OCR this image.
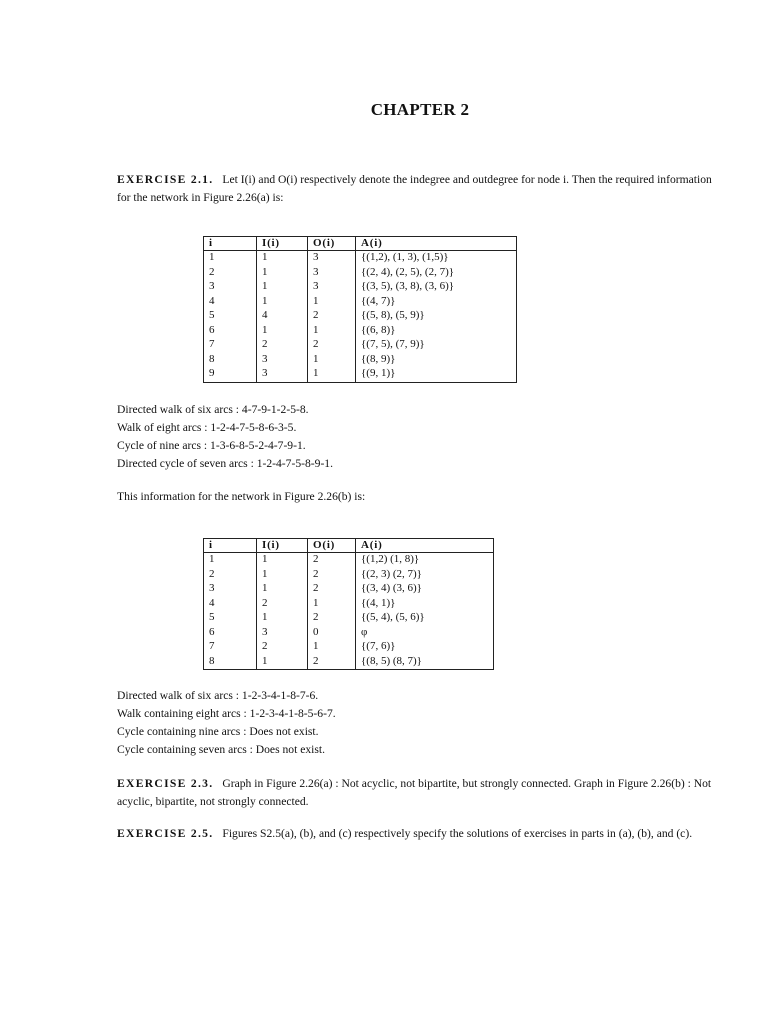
CHAPTER 2
EXERCISE 2.1. Let I(i) and O(i) respectively denote the indegree and outdegree for node i. Then the required information for the network in Figure 2.26(a) is:
i	I(i)	O(i)	A(i)
1	1	3	{(1,2), (1, 3), (1,5)}
2	1	3	{(2, 4), (2, 5), (2, 7)}
3	1	3	{(3, 5), (3, 8), (3, 6)}
4	1	1	{(4, 7)}
5	4	2	{(5, 8), (5, 9)}
6	1	1	{(6, 8)}
7	2	2	{(7, 5), (7, 9)}
8	3	1	{(8, 9)}
9	3	1	{(9, 1)}
Directed walk of six arcs : 4-7-9-1-2-5-8.
Walk of eight arcs : 1-2-4-7-5-8-6-3-5.
Cycle of nine arcs : 1-3-6-8-5-2-4-7-9-1.
Directed cycle of seven arcs : 1-2-4-7-5-8-9-1.
This information for the network in Figure 2.26(b) is:
i	I(i)	O(i)	A(i)
1	1	2	{(1,2) (1, 8)}
2	1	2	{(2, 3) (2, 7)}
3	1	2	{(3, 4) (3, 6)}
4	2	1	{(4, 1)}
5	1	2	{(5, 4), (5, 6)}
6	3	0	φ
7	2	1	{(7, 6)}
8	1	2	{(8, 5) (8, 7)}
Directed walk of six arcs : 1-2-3-4-1-8-7-6.
Walk containing eight arcs : 1-2-3-4-1-8-5-6-7.
Cycle containing nine arcs : Does not exist.
Cycle containing seven arcs : Does not exist.
EXERCISE 2.3. Graph in Figure 2.26(a) : Not acyclic, not bipartite, but strongly connected. Graph in Figure 2.26(b) : Not acyclic, bipartite, not strongly connected.
EXERCISE 2.5. Figures S2.5(a), (b), and (c) respectively specify the solutions of exercises in parts in (a), (b), and (c).
